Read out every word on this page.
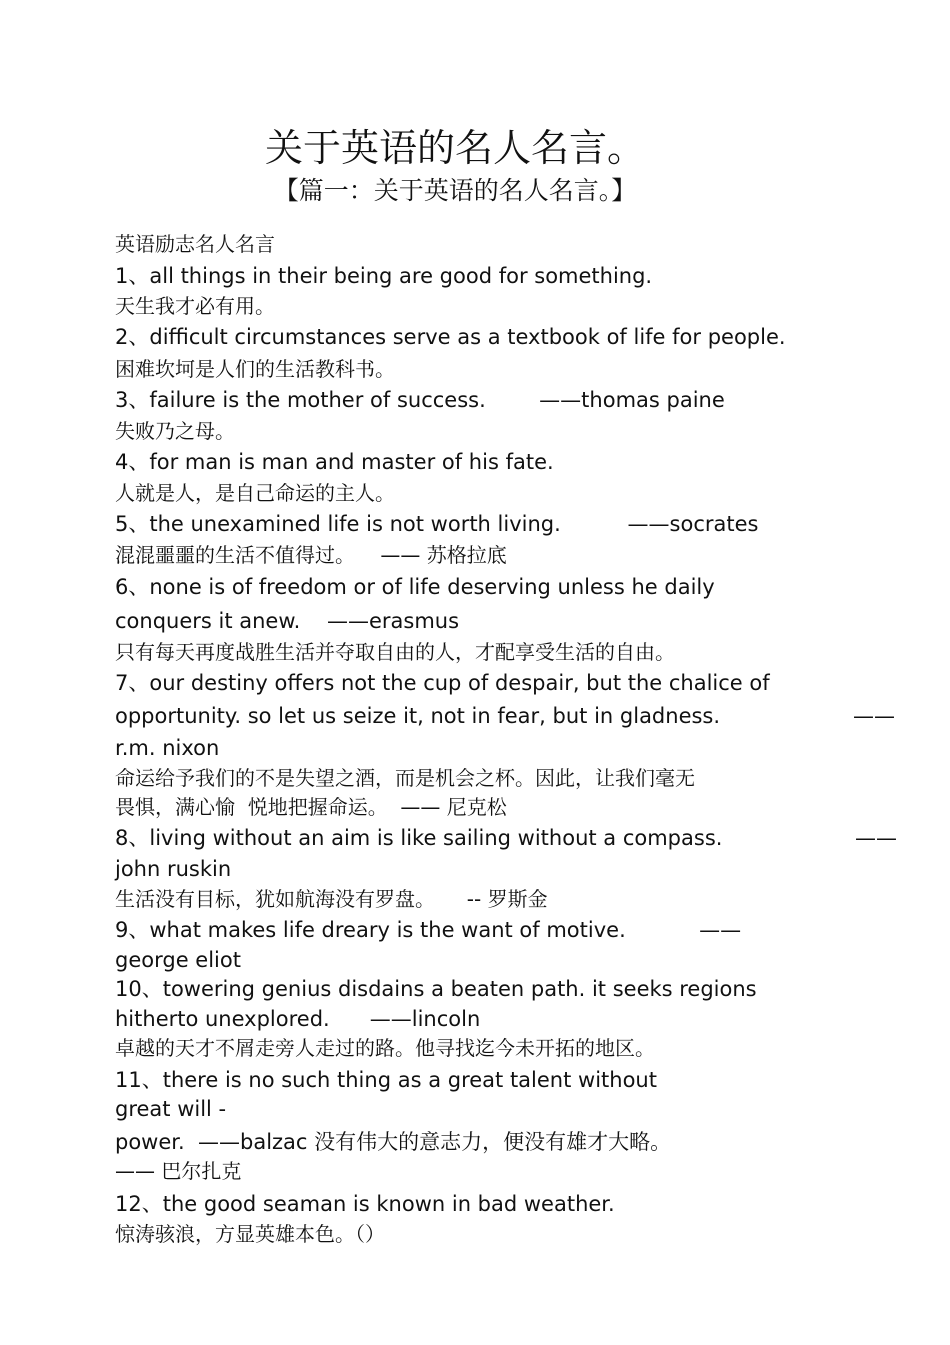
关于英语的名人名言。
【篇一：关于英语的名人名言。】
英语励志名人名言
1、all things in their being are good for something.
天生我才必有用。
2、difficult circumstances serve as a textbook of life for people.
困难坎坷是人们的生活教科书。
3、failure is the mother of success.        ——thomas paine
失败乃之母。
4、for man is man and master of his fate.
人就是人，是自己命运的主人。
5、the unexamined life is not worth living.          ——socrates
混混噩噩的生活不值得过。    —— 苏格拉底
6、none is of freedom or of life deserving unless he daily
conquers it anew.    ——erasmus
只有每天再度战胜生活并夺取自由的人，才配享受生活的自由。
7、our destiny offers not the cup of despair, but the chalice of
opportunity. so let us seize it, not in fear, but in gladness.	——
r.m. nixon
命运给予我们的不是失望之酒，而是机会之杯。因此，让我们毫无
畏惧，满心愉  悦地把握命运。  —— 尼克松
8、living without an aim is like sailing without a compass.	——
john ruskin
生活没有目标，犹如航海没有罗盘。     -- 罗斯金
9、what makes life dreary is the want of motive.           ——
george eliot
10、towering genius disdains a beaten path. it seeks regions
hitherto unexplored.      ——lincoln
卓越的天才不屑走旁人走过的路。他寻找迄今未开拓的地区。
11、there is no such thing as a great talent without
great will -
power.  ——balzac 没有伟大的意志力，便没有雄才大略。
—— 巴尔扎克
12、the good seaman is known in bad weather.
惊涛骇浪，方显英雄本色。（）
